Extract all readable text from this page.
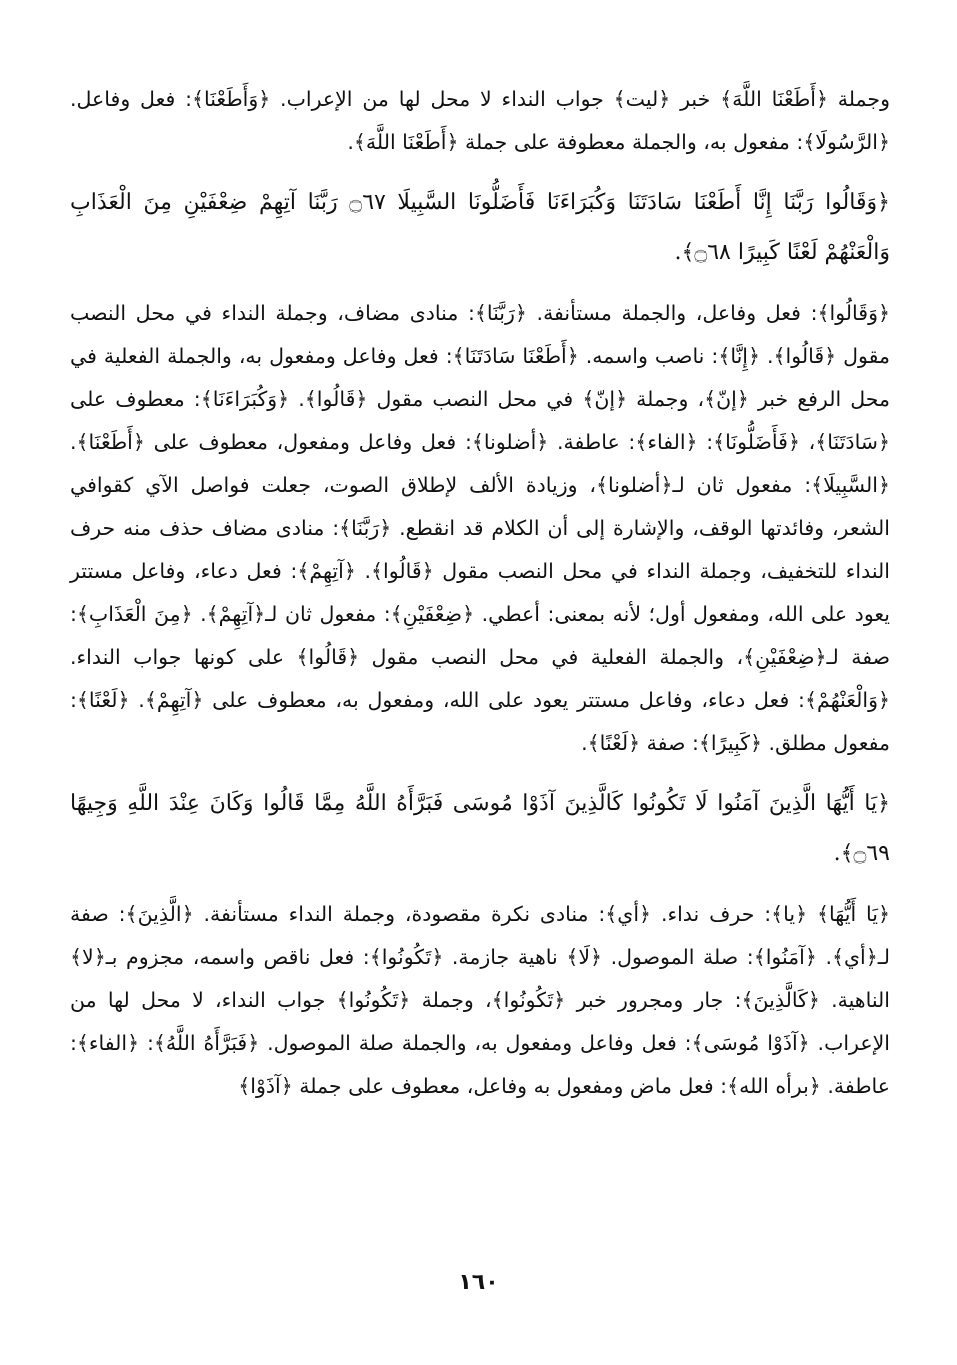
وجملة ﴿أَطَعْنَا اللَّهَ﴾ خبر ﴿ليت﴾ جواب النداء لا محل لها من الإعراب. ﴿وَأَطَعْنَا﴾: فعل وفاعل. ﴿الرَّسُولَا﴾: مفعول به، والجملة معطوفة على جملة ﴿أَطَعْنَا اللَّهَ﴾.

﴿وَقَالُوا رَبَّنَا إِنَّا أَطَعْنَا سَادَتَنَا وَكُبَرَاءَنَا فَأَضَلُّونَا السَّبِيلَا ۝٦٧ رَبَّنَا آتِهِمْ ضِعْفَيْنِ مِنَ الْعَذَابِ وَالْعَنْهُمْ لَعْنًا كَبِيرًا ۝٦٨﴾.

﴿وَقَالُوا﴾: فعل وفاعل، والجملة مستأنفة. ﴿رَبَّنَا﴾: منادى مضاف، وجملة النداء في محل النصب مقول ﴿قَالُوا﴾. ﴿إِنَّا﴾: ناصب واسمه. ﴿أَطَعْنَا سَادَتَنَا﴾: فعل وفاعل ومفعول به، والجملة الفعلية في محل الرفع خبر ﴿إنّ﴾، وجملة ﴿إنّ﴾ في محل النصب مقول ﴿قَالُوا﴾. ﴿وَكُبَرَاءَنَا﴾: معطوف على ﴿سَادَتَنَا﴾، ﴿فَأَضَلُّونَا﴾: ﴿الفاء﴾: عاطفة. ﴿أضلونا﴾: فعل وفاعل ومفعول، معطوف على ﴿أَطَعْنَا﴾. ﴿السَّبِيلَا﴾: مفعول ثان لـ﴿أضلونا﴾، وزيادة الألف لإطلاق الصوت، جعلت فواصل الآي كقوافي الشعر، وفائدتها الوقف، والإشارة إلى أن الكلام قد انقطع. ﴿رَبَّنَا﴾: منادى مضاف حذف منه حرف النداء للتخفيف، وجملة النداء في محل النصب مقول ﴿قَالُوا﴾. ﴿آتِهِمْ﴾: فعل دعاء، وفاعل مستتر يعود على الله، ومفعول أول؛ لأنه بمعنى: أعطي. ﴿ضِعْفَيْنِ﴾: مفعول ثان لـ﴿آتِهِمْ﴾. ﴿مِنَ الْعَذَابِ﴾: صفة لـ﴿ضِعْفَيْنِ﴾، والجملة الفعلية في محل النصب مقول ﴿قَالُوا﴾ على كونها جواب النداء. ﴿وَالْعَنْهُمْ﴾: فعل دعاء، وفاعل مستتر يعود على الله، ومفعول به، معطوف على ﴿آتِهِمْ﴾. ﴿لَعْنًا﴾: مفعول مطلق. ﴿كَبِيرًا﴾: صفة ﴿لَعْنًا﴾.

﴿يَا أَيُّهَا الَّذِينَ آمَنُوا لَا تَكُونُوا كَالَّذِينَ آذَوْا مُوسَى فَبَرَّأَهُ اللَّهُ مِمَّا قَالُوا وَكَانَ عِنْدَ اللَّهِ وَجِيهًا ۝٦٩﴾.

﴿يَا أَيُّهَا﴾ ﴿يا﴾: حرف نداء. ﴿أي﴾: منادى نكرة مقصودة، وجملة النداء مستأنفة. ﴿الَّذِينَ﴾: صفة لـ﴿أي﴾. ﴿آمَنُوا﴾: صلة الموصول. ﴿لَا﴾ ناهية جازمة. ﴿تَكُونُوا﴾: فعل ناقص واسمه، مجزوم بـ﴿لا﴾ الناهية. ﴿كَالَّذِينَ﴾: جار ومجرور خبر ﴿تَكُونُوا﴾، وجملة ﴿تَكُونُوا﴾ جواب النداء، لا محل لها من الإعراب. ﴿آذَوْا مُوسَى﴾: فعل وفاعل ومفعول به، والجملة صلة الموصول. ﴿فَبَرَّأَهُ اللَّهُ﴾: ﴿الفاء﴾: عاطفة. ﴿برأه الله﴾: فعل ماض ومفعول به وفاعل، معطوف على جملة ﴿آذَوْا﴾

١٦٠
